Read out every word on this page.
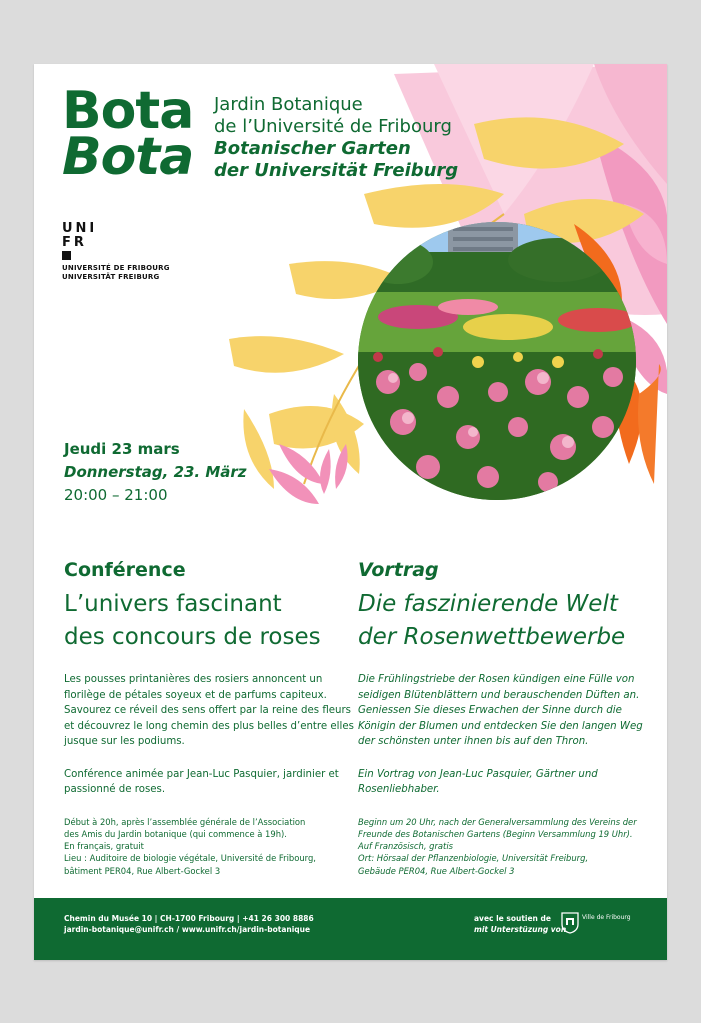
Bota

Bota
Jardin Botanique
de l’Université de Fribourg
Botanischer Garten
der Universität Freiburg
UNI
FR
UNIVERSITÉ DE FRIBOURG
UNIVERSITÄT FREIBURG
Jeudi 23 mars
Donnerstag, 23. März
20:00 – 21:00
Conférence
L’univers fascinant
des concours de roses
Les pousses printanières des rosiers annoncent un florilège de pétales soyeux et de parfums capiteux. Savourez ce réveil des sens offert par la reine des fleurs et découvrez le long chemin des plus belles d’entre elles jusque sur les podiums.
Conférence animée par Jean-Luc Pasquier, jardinier et passionné de roses.
Début à 20h, après l’assemblée générale de l’Association
des Amis du Jardin botanique (qui commence à 19h).
En français, gratuit
Lieu : Auditoire de biologie végétale, Université de Fribourg,
bâtiment PER04, Rue Albert-Gockel 3
Vortrag
Die faszinierende Welt
der Rosenwettbewerbe
Die Frühlingstriebe der Rosen kündigen eine Fülle von seidigen Blütenblättern und berauschenden Düften an. Geniessen Sie dieses Erwachen der Sinne durch die Königin der Blumen und entdecken Sie den langen Weg der schönsten unter ihnen bis auf den Thron.
Ein Vortrag von Jean-Luc Pasquier, Gärtner und Rosenliebhaber.
Beginn um 20 Uhr, nach der Generalversammlung des Vereins der
Freunde des Botanischen Gartens (Beginn Versammlung 19 Uhr).
Auf Französisch, gratis
Ort: Hörsaal der Pflanzenbiologie, Universität Freiburg,
Gebäude PER04, Rue Albert-Gockel 3
Chemin du Musée 10 | CH-1700 Fribourg | +41 26 300 8886
jardin-botanique@unifr.ch / www.unifr.ch/jardin-botanique
avec le soutien de
mit Unterstüzung von
Ville de Fribourg
